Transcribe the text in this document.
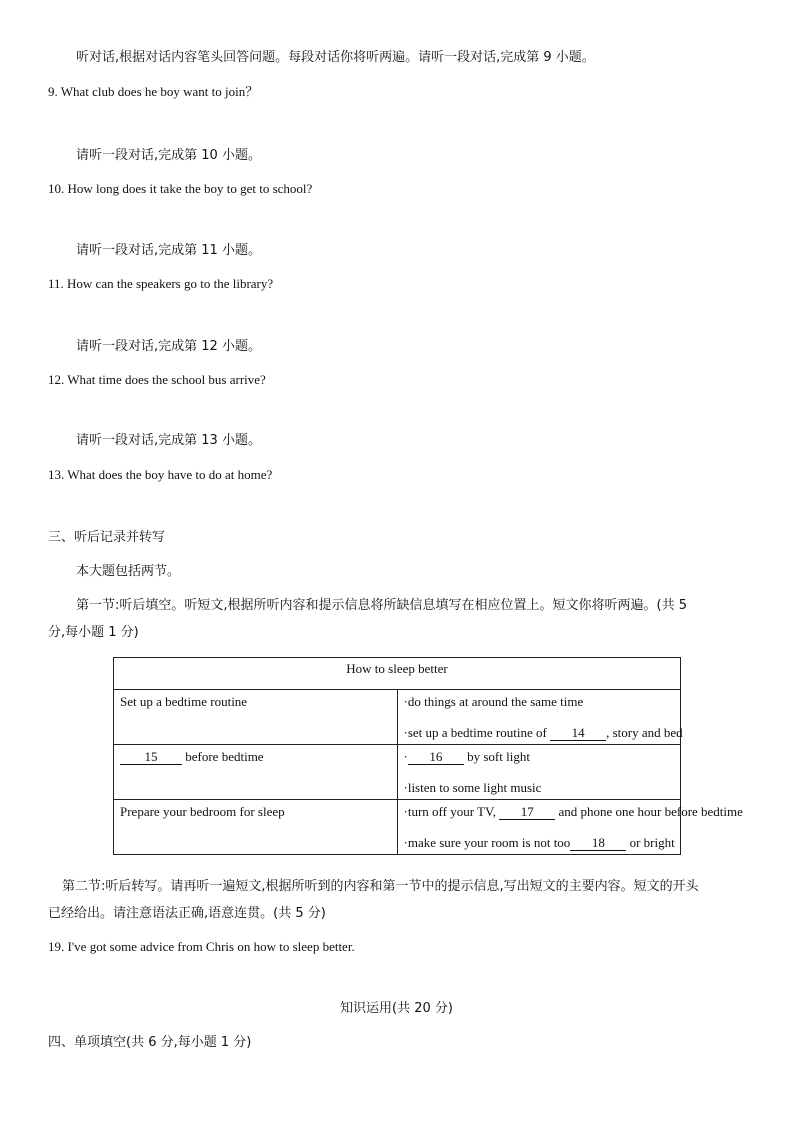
听对话,根据对话内容笔头回答问题。每段对话你将听两遍。请听一段对话,完成第 9 小题。
9. What club does he boy want to join？
请听一段对话,完成第 10 小题。
10. How long does it take the boy to get to school?
请听一段对话,完成第 11 小题。
11. How can the speakers go to the library?
请听一段对话,完成第 12 小题。
12. What time does the school bus arrive?
请听一段对话,完成第 13 小题。
13. What does the boy have to do at home?
三、听后记录并转写
本大题包括两节。
第一节:听后填空。听短文,根据所听内容和提示信息将所缺信息填写在相应位置上。短文你将听两遍。(共 5
分,每小题 1 分)
How to sleep better	
Set up a bedtime routine	·do things at around the same time
·set up a bedtime routine of 14 , story and bed

15 before bedtime	· 16 by soft light
·listen to some light music

Prepare your bedroom for sleep	·turn off your TV, 17 and phone one hour before bedtime
·make sure your room is not too 18 or bright
第二节:听后转写。请再听一遍短文,根据所听到的内容和第一节中的提示信息,写出短文的主要内容。短文的开头
已经给出。请注意语法正确,语意连贯。(共 5 分)
19. I've got some advice from Chris on how to sleep better.
知识运用(共 20 分)
四、单项填空(共 6 分,每小题 1 分)
